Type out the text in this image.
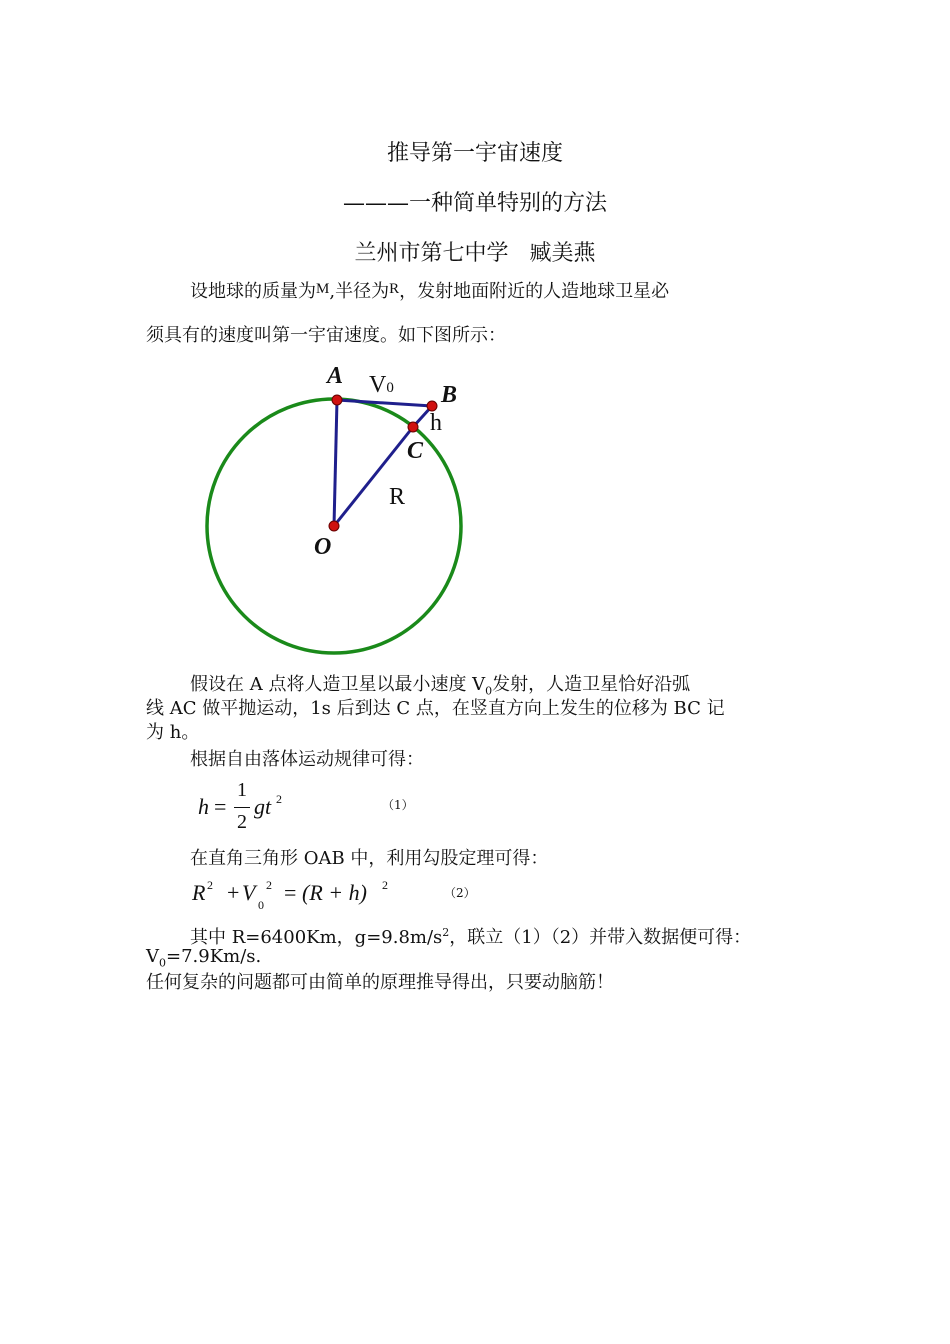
推导第一宇宙速度
———一种简单特别的方法
兰州市第七中学   臧美燕
设地球的质量为$^M$,半径为$^R$，发射地面附近的人造地球卫星必
须具有的速度叫第一宇宙速度。如下图所示：
A
B
C
O
V0
h
R
假设在 A 点将人造卫星以最小速度 $V_0$发射，人造卫星恰好沿弧
线 AC 做平抛运动，1s 后到达 C 点，在竖直方向上发生的位移为 BC 记
为 h。
根据自由落体运动规律可得：
h =
1
2
gt 2	（1）
在直角三角形 OAB 中，利用勾股定理可得：
R 2 + V 0
2 = (R + h) 2
（2）
其中 R=6400Km，$g=9.8m/s^2$，联立（1）（2）并带入数据便可得：
$V_0=7.9Km/s$.
任何复杂的问题都可由简单的原理推导得出，只要动脑筋！
